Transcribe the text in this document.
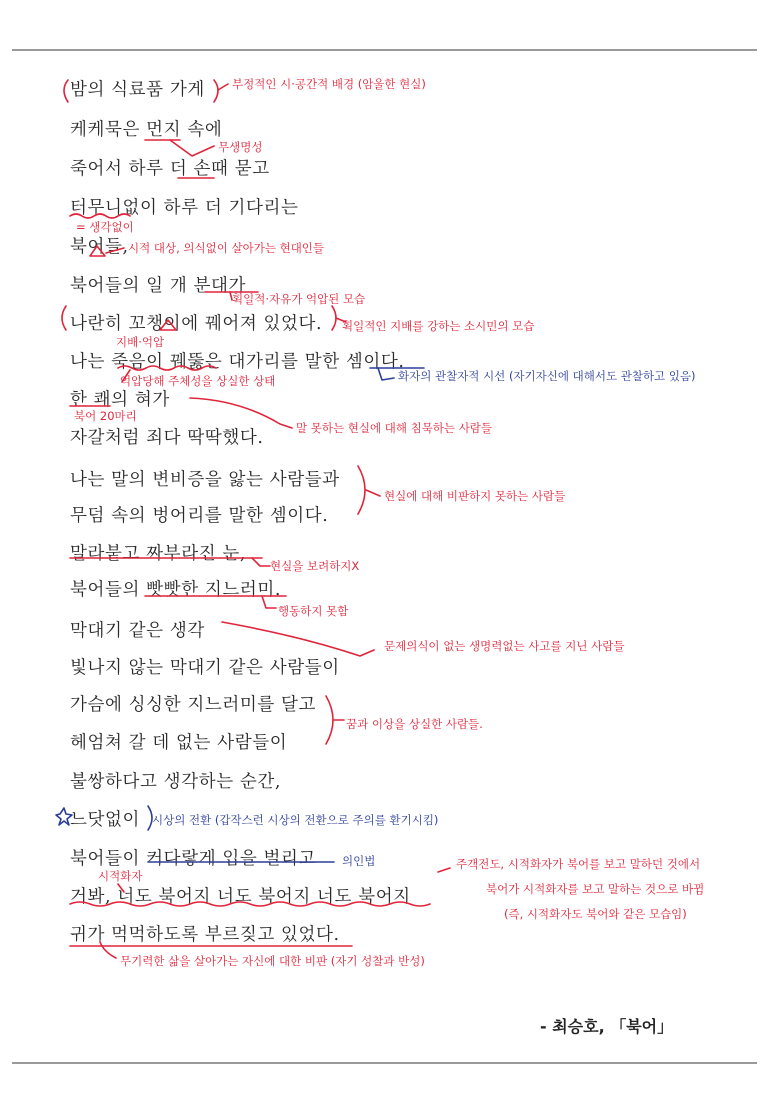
밤의 식료품 가게
케케묵은 먼지 속에
죽어서 하루 더 손때 묻고
터무니없이 하루 더 기다리는
북어들,
북어들의 일 개 분대가
나란히 꼬챙이에 꿰어져 있었다.
나는 죽음이 꿰뚫은 대가리를 말한 셈이다.
한 쾌의 혀가
자갈처럼 죄다 딱딱했다.
나는 말의 변비증을 앓는 사람들과
무덤 속의 벙어리를 말한 셈이다.
말라붙고 짜부라진 눈,
북어들의 빳빳한 지느러미.
막대기 같은 생각
빛나지 않는 막대기 같은 사람들이
가슴에 싱싱한 지느러미를 달고
헤엄쳐 갈 데 없는 사람들이
불쌍하다고 생각하는 순간,
느닷없이
북어들이 커다랗게 입을 벌리고
거봐, 너도 북어지 너도 북어지 너도 북어지
귀가 먹먹하도록 부르짖고 있었다.
부정적인 시·공간적 배경 (암울한 현실)
무생명성
= 생각없이
시적 대상, 의식없이 살아가는 현대인들
획일적·자유가 억압된 모습
지배·억압
획일적인 지배를 강하는 소시민의 모습
억압당해 주체성을 상실한 상태	화자의 관찰자적 시선 (자기자신에 대해서도 관찰하고 있음)
북어 20마리
말 못하는 현실에 대해 침묵하는 사람들
현실에 대해 비판하지 못하는 사람들
현실을 보려하지X
행동하지 못함
문제의식이 없는 생명력없는 사고를 지닌 사람들
꿈과 이상을 상실한 사람들.
시상의 전환 (갑작스런 시상의 전환으로 주의를 환기시킴)
의인법
시적화자
주객전도, 시적화자가 북어를 보고 말하던 것에서
북어가 시적화자를 보고 말하는 것으로 바뀜
(즉, 시적화자도 북어와 같은 모습임)
무기력한 삶을 살아가는 자신에 대한 비판 (자기 성찰과 반성)
- 최승호, 「북어」
